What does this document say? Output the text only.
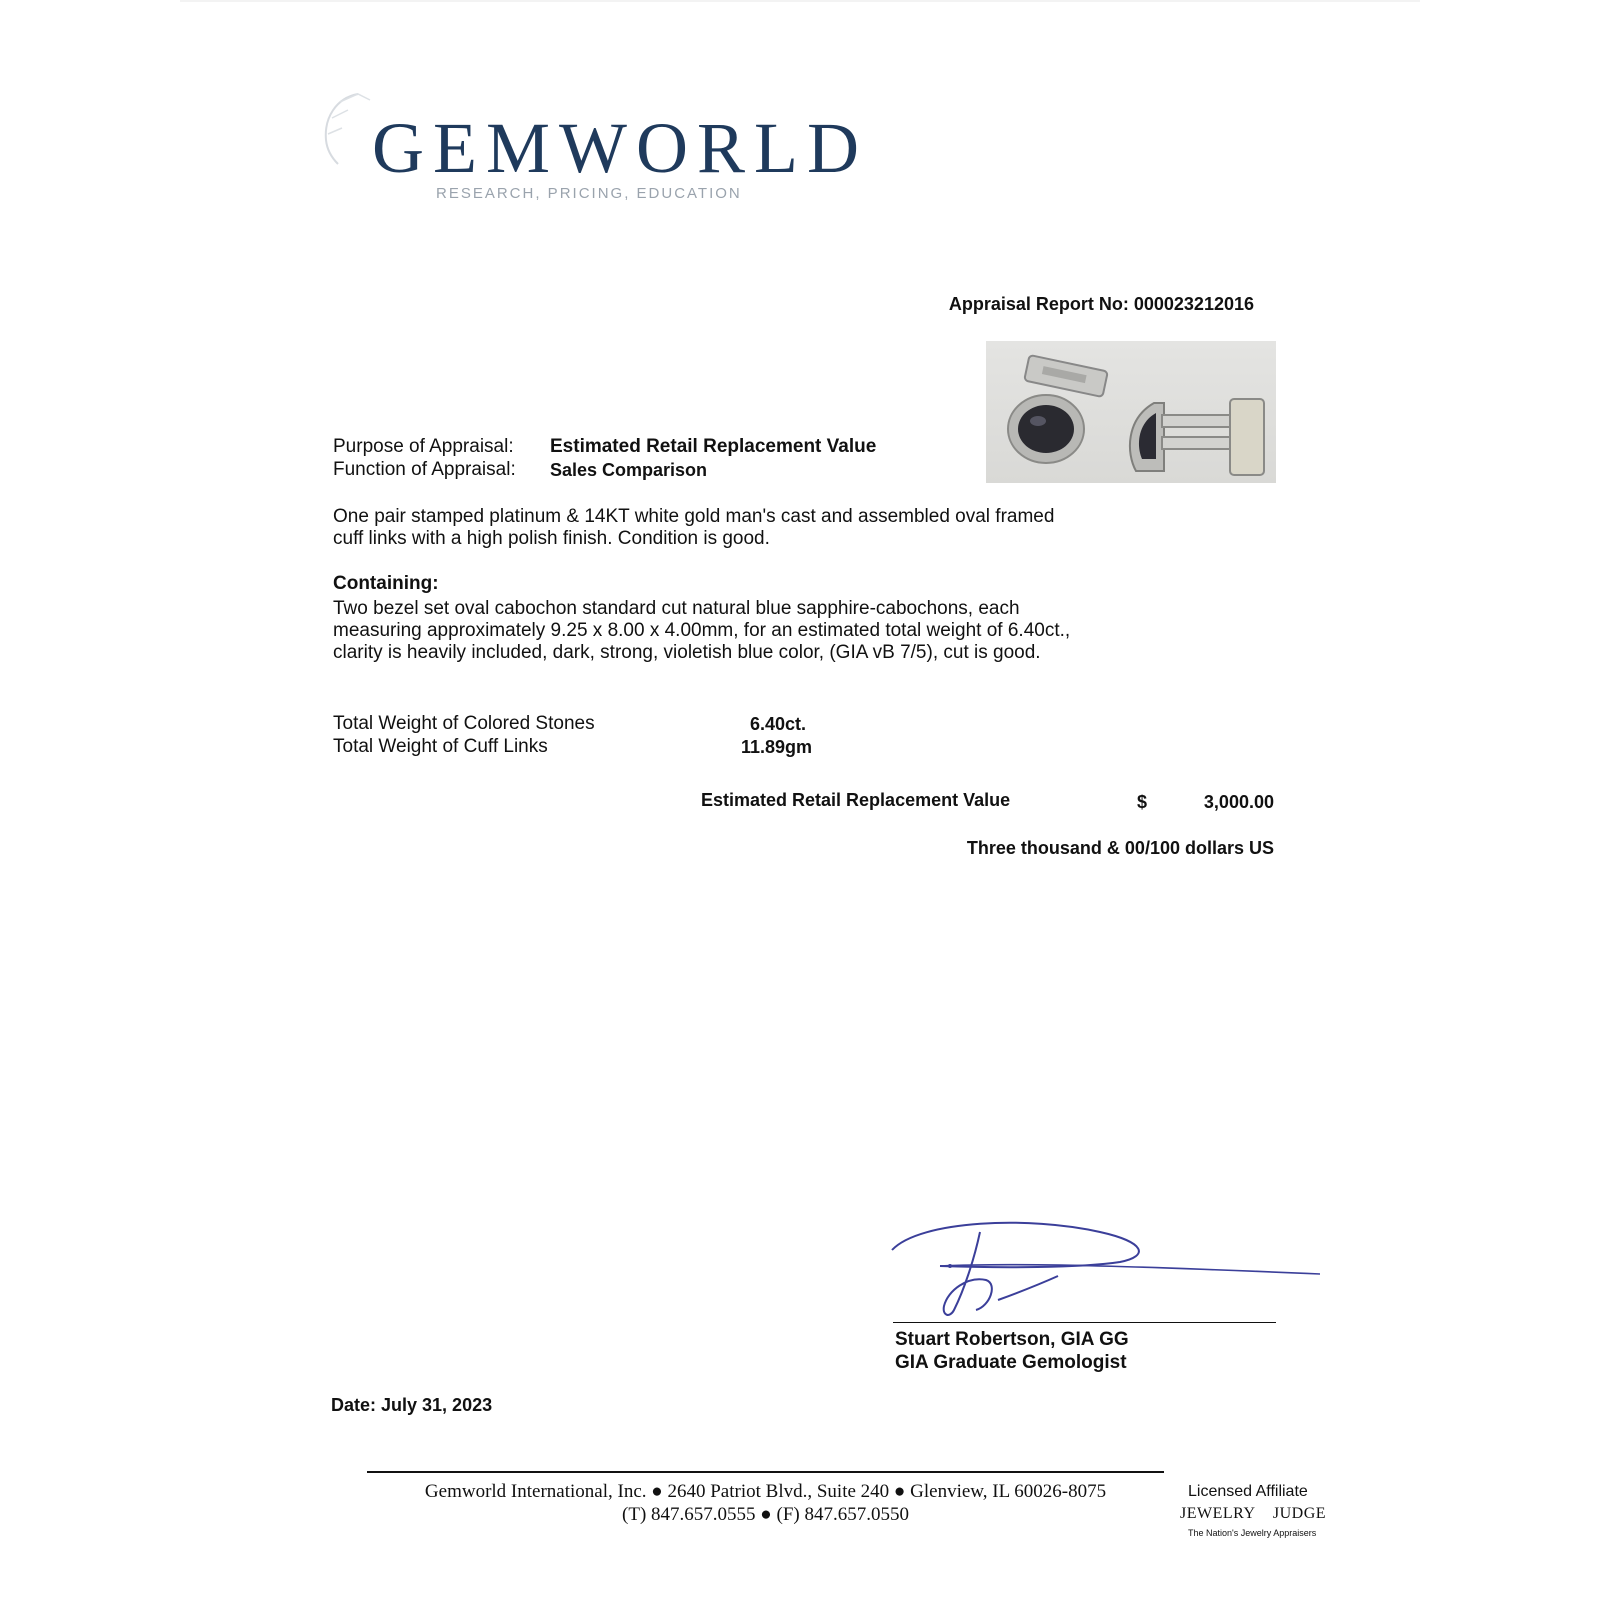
GEMWORLD
RESEARCH, PRICING, EDUCATION
Appraisal Report No: 000023212016
Purpose of Appraisal: Estimated Retail Replacement Value
Function of Appraisal: Sales Comparison
One pair stamped platinum & 14KT white gold man's cast and assembled oval framed
cuff links with a high polish finish. Condition is good.
Containing:
Two bezel set oval cabochon standard cut natural blue sapphire-cabochons, each
measuring approximately 9.25 x 8.00 x 4.00mm, for an estimated total weight of 6.40ct.,
clarity is heavily included, dark, strong, violetish blue color, (GIA vB 7/5), cut is good.
Total Weight of Colored Stones	6.40ct.
Total Weight of Cuff Links	11.89gm
Estimated Retail Replacement Value	$	3,000.00
Three thousand & 00/100 dollars US
Stuart Robertson, GIA GG
GIA Graduate Gemologist
Date: July 31, 2023
Gemworld International, Inc. ● 2640 Patriot Blvd., Suite 240 ● Glenview, IL 60026-8075
(T) 847.657.0555 ● (F) 847.657.0550
Licensed Affiliate
JEWELRY    JUDGE
The Nation's Jewelry Appraisers
